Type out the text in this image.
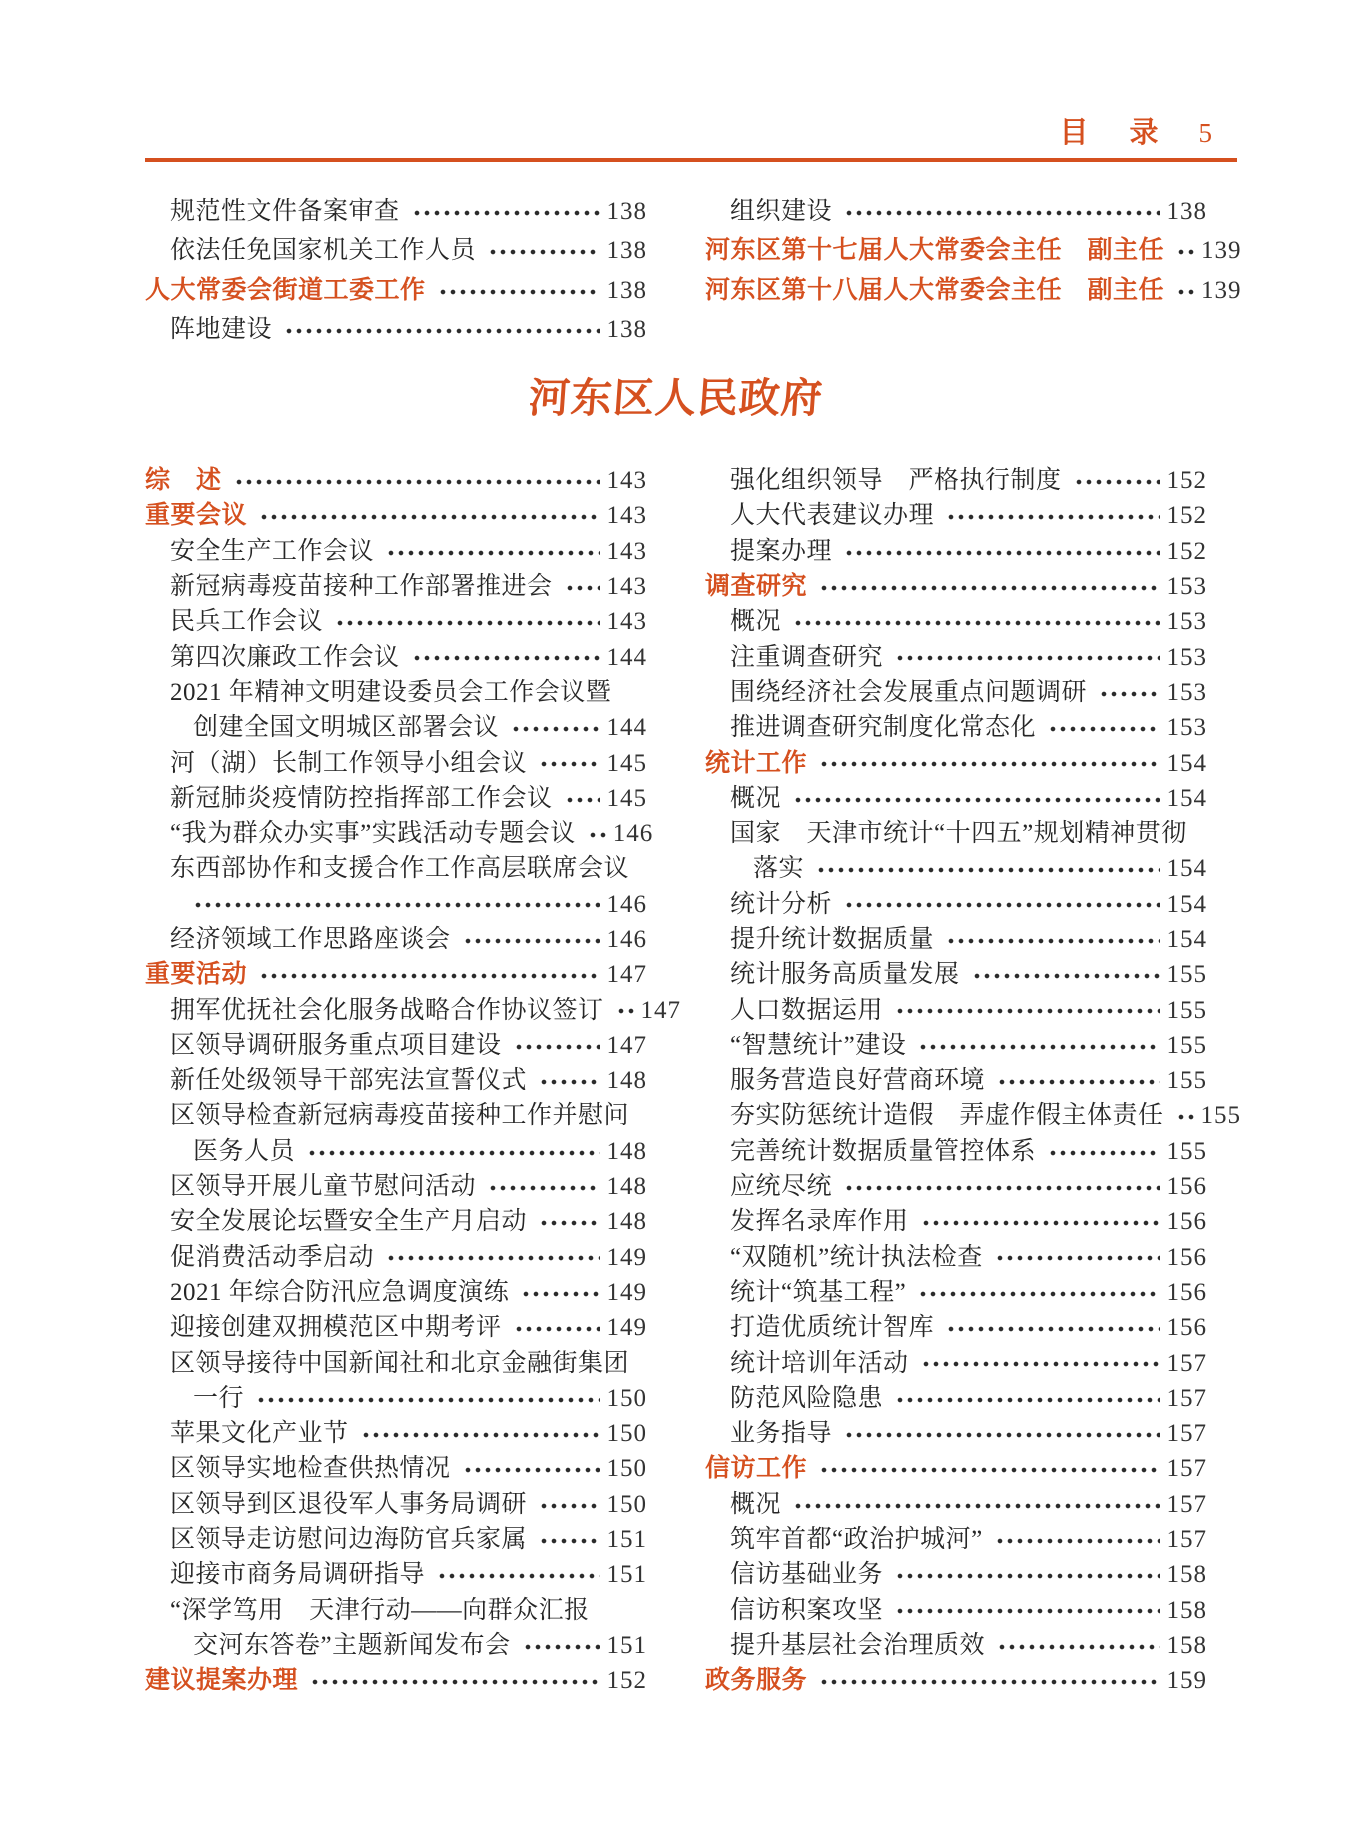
目　录 5
规范性文件备案审查	138
依法任免国家机关工作人员	138
人大常委会街道工委工作	138
阵地建设	138
组织建设	138
河东区第十七届人大常委会主任　副主任 139
河东区第十八届人大常委会主任　副主任 139
河东区人民政府
综　述	143
重要会议	143
安全生产工作会议	143
新冠病毒疫苗接种工作部署推进会 143
民兵工作会议	143
第四次廉政工作会议	144
2021 年精神文明建设委员会工作会议暨
创建全国文明城区部署会议	144
河（湖）长制工作领导小组会议	145
新冠肺炎疫情防控指挥部工作会议 145
“我为群众办实事”实践活动专题会议 146
东西部协作和支援合作工作高层联席会议
146
经济领域工作思路座谈会	146
重要活动	147
拥军优抚社会化服务战略合作协议签订 147
区领导调研服务重点项目建设	147
新任处级领导干部宪法宣誓仪式	148
区领导检查新冠病毒疫苗接种工作并慰问
医务人员	148
区领导开展儿童节慰问活动	148
安全发展论坛暨安全生产月启动	148
促消费活动季启动	149
2021 年综合防汛应急调度演练	149
迎接创建双拥模范区中期考评	149
区领导接待中国新闻社和北京金融街集团
一行	150
苹果文化产业节	150
区领导实地检查供热情况	150
区领导到区退役军人事务局调研	150
区领导走访慰问边海防官兵家属	151
迎接市商务局调研指导	151
“深学笃用　天津行动——向群众汇报
交河东答卷”主题新闻发布会	151
建议提案办理	152
强化组织领导　严格执行制度	152
人大代表建议办理	152
提案办理	152
调查研究	153
概况	153
注重调查研究	153
围绕经济社会发展重点问题调研	153
推进调查研究制度化常态化	153
统计工作	154
概况	154
国家　天津市统计“十四五”规划精神贯彻
落实	154
统计分析	154
提升统计数据质量	154
统计服务高质量发展	155
人口数据运用	155
“智慧统计”建设	155
服务营造良好营商环境	155
夯实防惩统计造假　弄虚作假主体责任 155
完善统计数据质量管控体系	155
应统尽统	156
发挥名录库作用	156
“双随机”统计执法检查	156
统计“筑基工程”	156
打造优质统计智库	156
统计培训年活动	157
防范风险隐患	157
业务指导	157
信访工作	157
概况	157
筑牢首都“政治护城河”	157
信访基础业务	158
信访积案攻坚	158
提升基层社会治理质效	158
政务服务	159
